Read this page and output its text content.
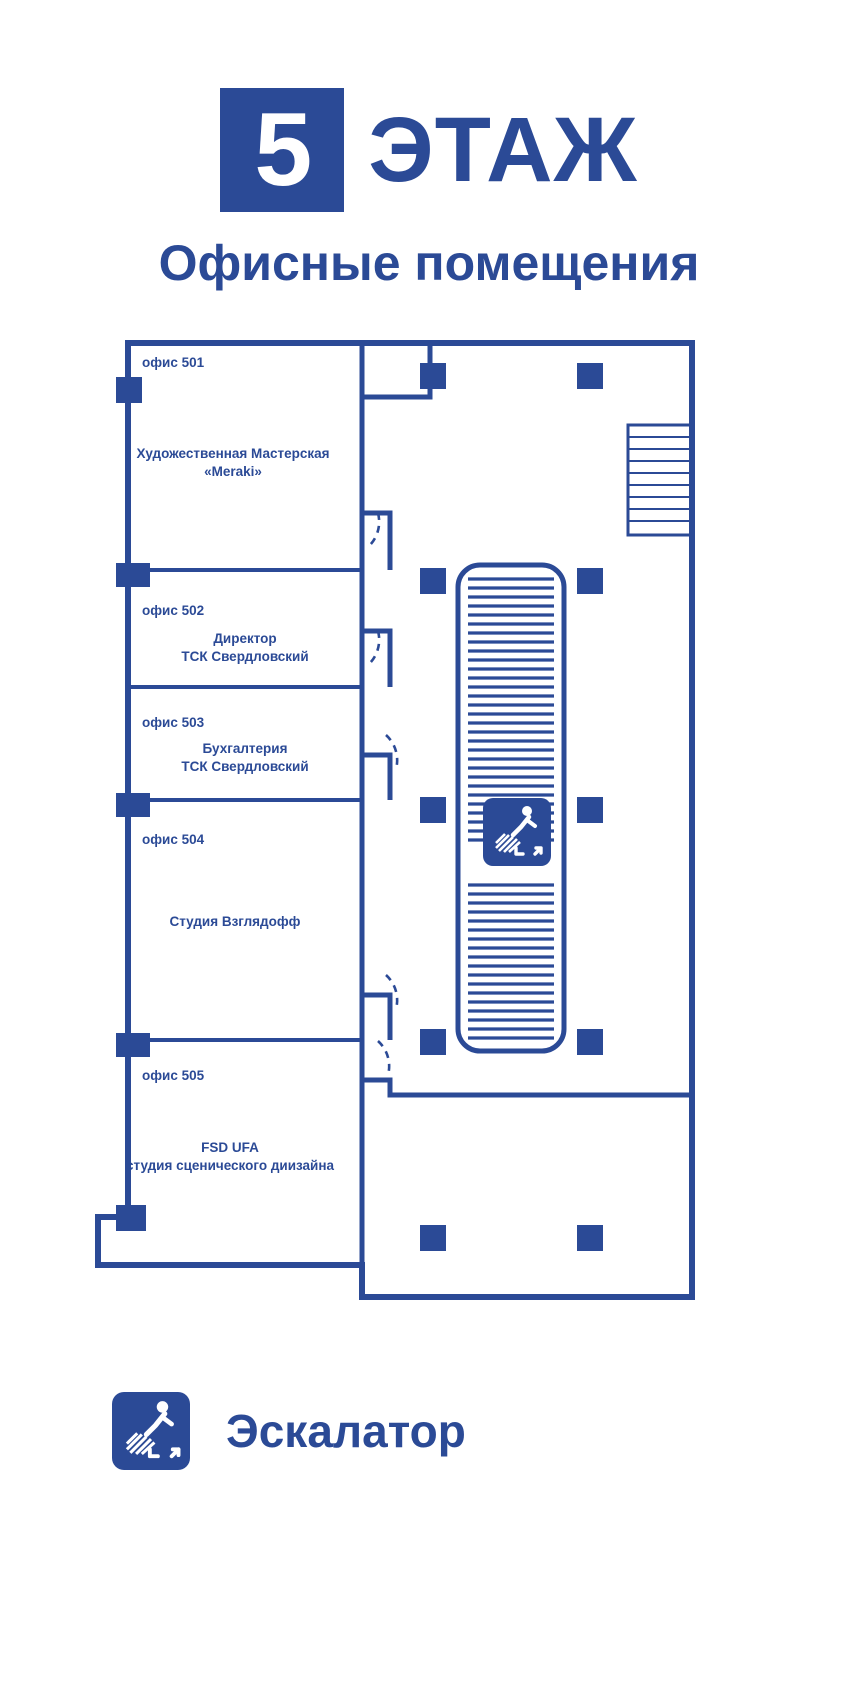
5 ЭТАЖ
Офисные помещения
офис 501
Художественная Мастерская
«Meraki»
офис 502
Директор
ТСК Свердловский
офис 503
Бухгалтерия
ТСК Свердловский
офис 504
Студия Взглядофф
офис 505
FSD UFA
студия сценического диизайна
Эскалатор
